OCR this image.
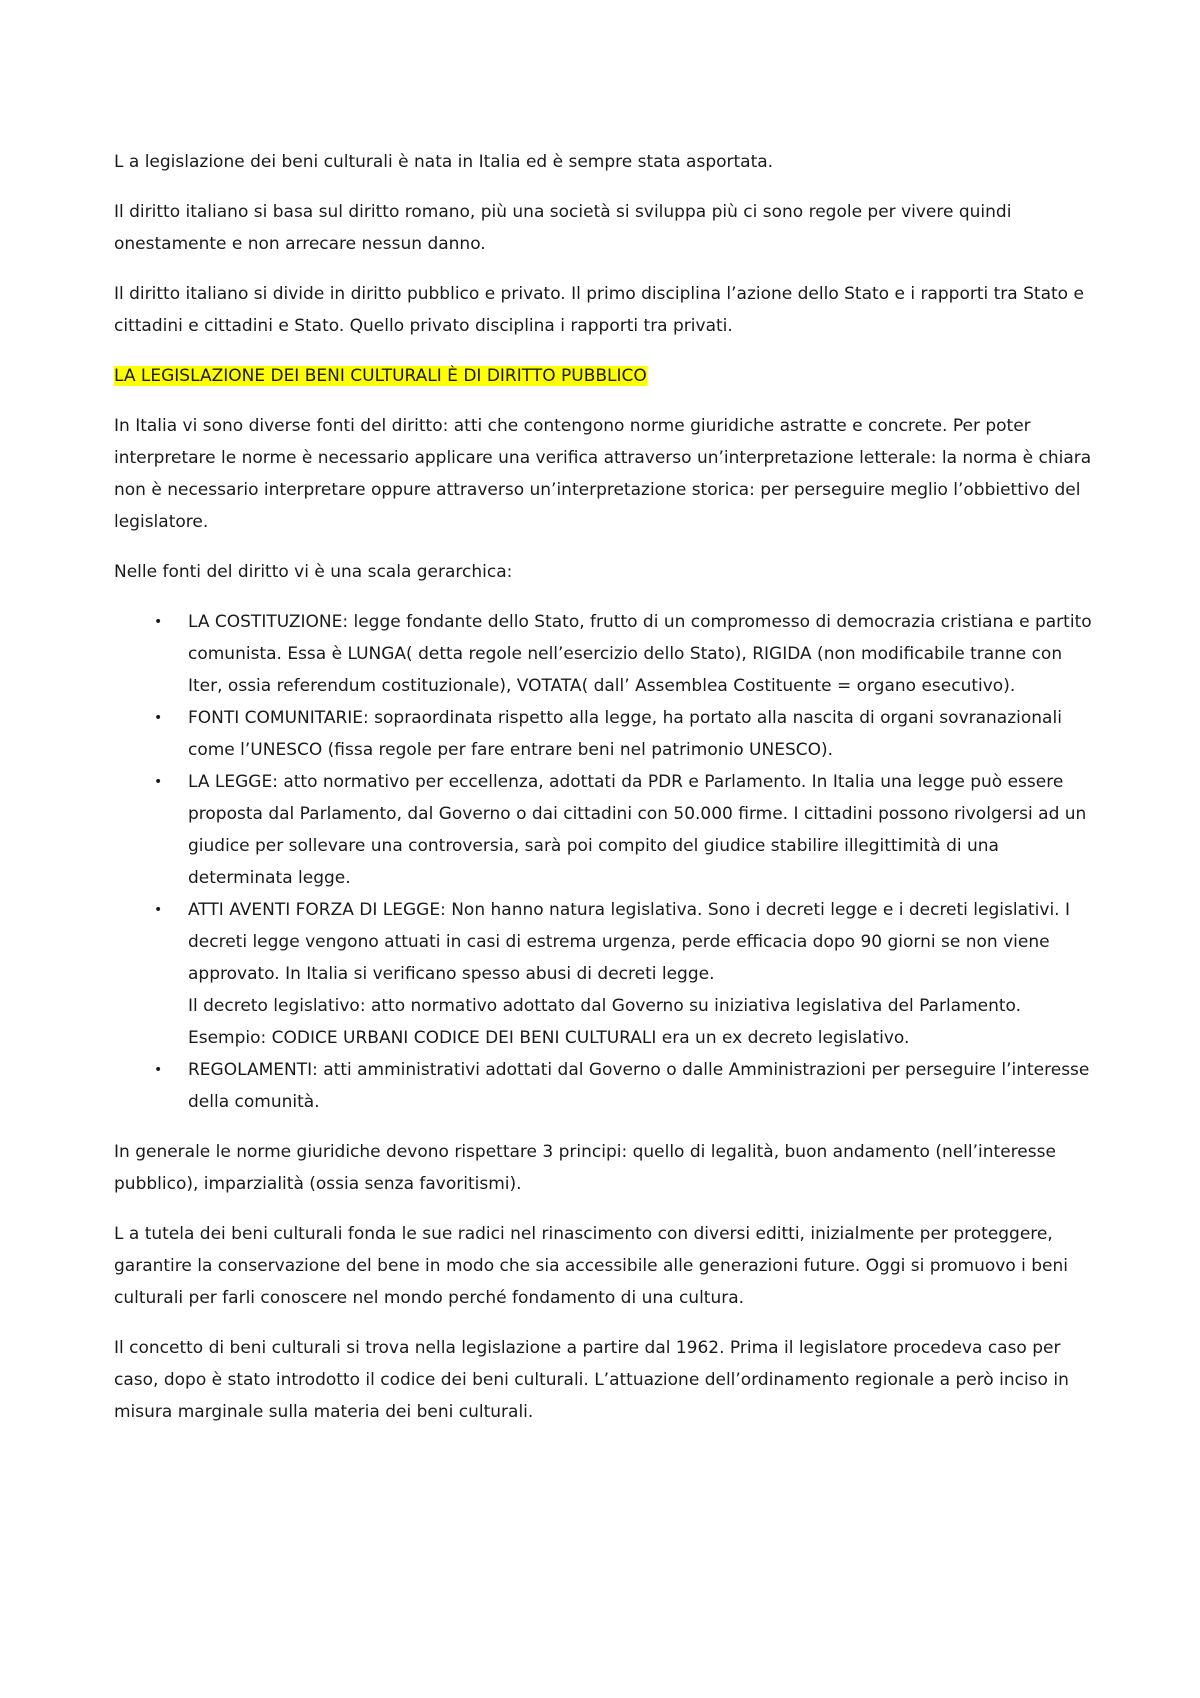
L a legislazione dei beni culturali è nata in Italia ed è sempre stata asportata.

Il diritto italiano si basa sul diritto romano, più una società si sviluppa più ci sono regole per vivere quindi onestamente e non arrecare nessun danno.

Il diritto italiano si divide in diritto pubblico e privato. Il primo disciplina l’azione dello Stato e i rapporti tra Stato e cittadini e cittadini e Stato. Quello privato disciplina i rapporti tra privati.

LA LEGISLAZIONE DEI BENI CULTURALI È DI DIRITTO PUBBLICO

In Italia vi sono diverse fonti del diritto: atti che contengono norme giuridiche astratte e concrete. Per poter interpretare le norme è necessario applicare una verifica attraverso un’interpretazione letterale: la norma è chiara non è necessario interpretare oppure attraverso un’interpretazione storica: per perseguire meglio l’obbiettivo del legislatore.

Nelle fonti del diritto vi è una scala gerarchica:

• LA COSTITUZIONE: legge fondante dello Stato, frutto di un compromesso di democrazia cristiana e partito comunista. Essa è LUNGA( detta regole nell’esercizio dello Stato), RIGIDA (non modificabile tranne con Iter, ossia referendum costituzionale), VOTATA( dall’ Assemblea Costituente = organo esecutivo).
• FONTI COMUNITARIE: sopraordinata rispetto alla legge, ha portato alla nascita di organi sovranazionali come l’UNESCO (fissa regole per fare entrare beni nel patrimonio UNESCO).
• LA LEGGE: atto normativo per eccellenza, adottati da PDR e Parlamento. In Italia una legge può essere proposta dal Parlamento, dal Governo o dai cittadini con 50.000 firme. I cittadini possono rivolgersi ad un giudice per sollevare una controversia, sarà poi compito del giudice stabilire illegittimità di una determinata legge.
• ATTI AVENTI FORZA DI LEGGE: Non hanno natura legislativa. Sono i decreti legge e i decreti legislativi. I decreti legge vengono attuati in casi di estrema urgenza, perde efficacia dopo 90 giorni se non viene approvato. In Italia si verificano spesso abusi di decreti legge.
Il decreto legislativo: atto normativo adottato dal Governo su iniziativa legislativa del Parlamento.
Esempio: CODICE URBANI CODICE DEI BENI CULTURALI era un ex decreto legislativo.
• REGOLAMENTI: atti amministrativi adottati dal Governo o dalle Amministrazioni per perseguire l’interesse della comunità.

In generale le norme giuridiche devono rispettare 3 principi: quello di legalità, buon andamento (nell’interesse pubblico), imparzialità (ossia senza favoritismi).

L a tutela dei beni culturali fonda le sue radici nel rinascimento con diversi editti, inizialmente per proteggere, garantire la conservazione del bene in modo che sia accessibile alle generazioni future. Oggi si promuovo i beni culturali per farli conoscere nel mondo perché fondamento di una cultura.

Il concetto di beni culturali si trova nella legislazione a partire dal 1962. Prima il legislatore procedeva caso per caso, dopo è stato introdotto il codice dei beni culturali. L’attuazione dell’ordinamento regionale a però inciso in misura marginale sulla materia dei beni culturali.
